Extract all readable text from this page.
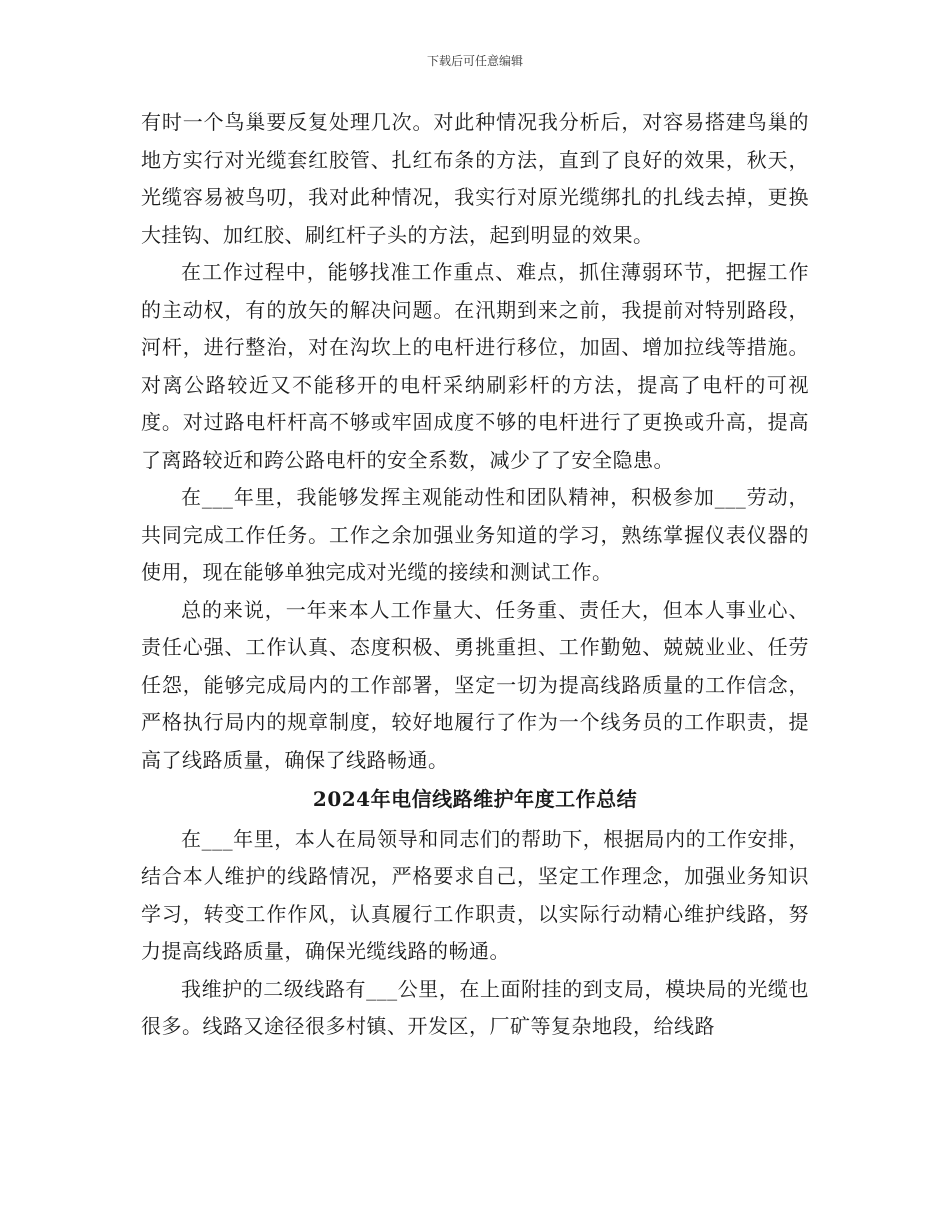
下载后可任意编辑

有时一个鸟巢要反复处理几次。对此种情况我分析后，对容易搭建鸟巢的地方实行对光缆套红胶管、扎红布条的方法，直到了良好的效果，秋天，光缆容易被鸟叨，我对此种情况，我实行对原光缆绑扎的扎线去掉，更换大挂钩、加红胶、刷红杆子头的方法，起到明显的效果。

在工作过程中，能够找准工作重点、难点，抓住薄弱环节，把握工作的主动权，有的放矢的解决问题。在汛期到来之前，我提前对特别路段，河杆，进行整治，对在沟坎上的电杆进行移位，加固、增加拉线等措施。对离公路较近又不能移开的电杆采纳刷彩杆的方法，提高了电杆的可视度。对过路电杆杆高不够或牢固成度不够的电杆进行了更换或升高，提高了离路较近和跨公路电杆的安全系数，减少了了安全隐患。

在___年里，我能够发挥主观能动性和团队精神，积极参加___劳动，共同完成工作任务。工作之余加强业务知道的学习，熟练掌握仪表仪器的使用，现在能够单独完成对光缆的接续和测试工作。

总的来说，一年来本人工作量大、任务重、责任大，但本人事业心、责任心强、工作认真、态度积极、勇挑重担、工作勤勉、兢兢业业、任劳任怨，能够完成局内的工作部署，坚定一切为提高线路质量的工作信念，严格执行局内的规章制度，较好地履行了作为一个线务员的工作职责，提高了线路质量，确保了线路畅通。

2024年电信线路维护年度工作总结

在___年里，本人在局领导和同志们的帮助下，根据局内的工作安排，结合本人维护的线路情况，严格要求自己，坚定工作理念，加强业务知识学习，转变工作作风，认真履行工作职责，以实际行动精心维护线路，努力提高线路质量，确保光缆线路的畅通。

我维护的二级线路有___公里，在上面附挂的到支局，模块局的光缆也很多。线路又途径很多村镇、开发区，厂矿等复杂地段，给线路
